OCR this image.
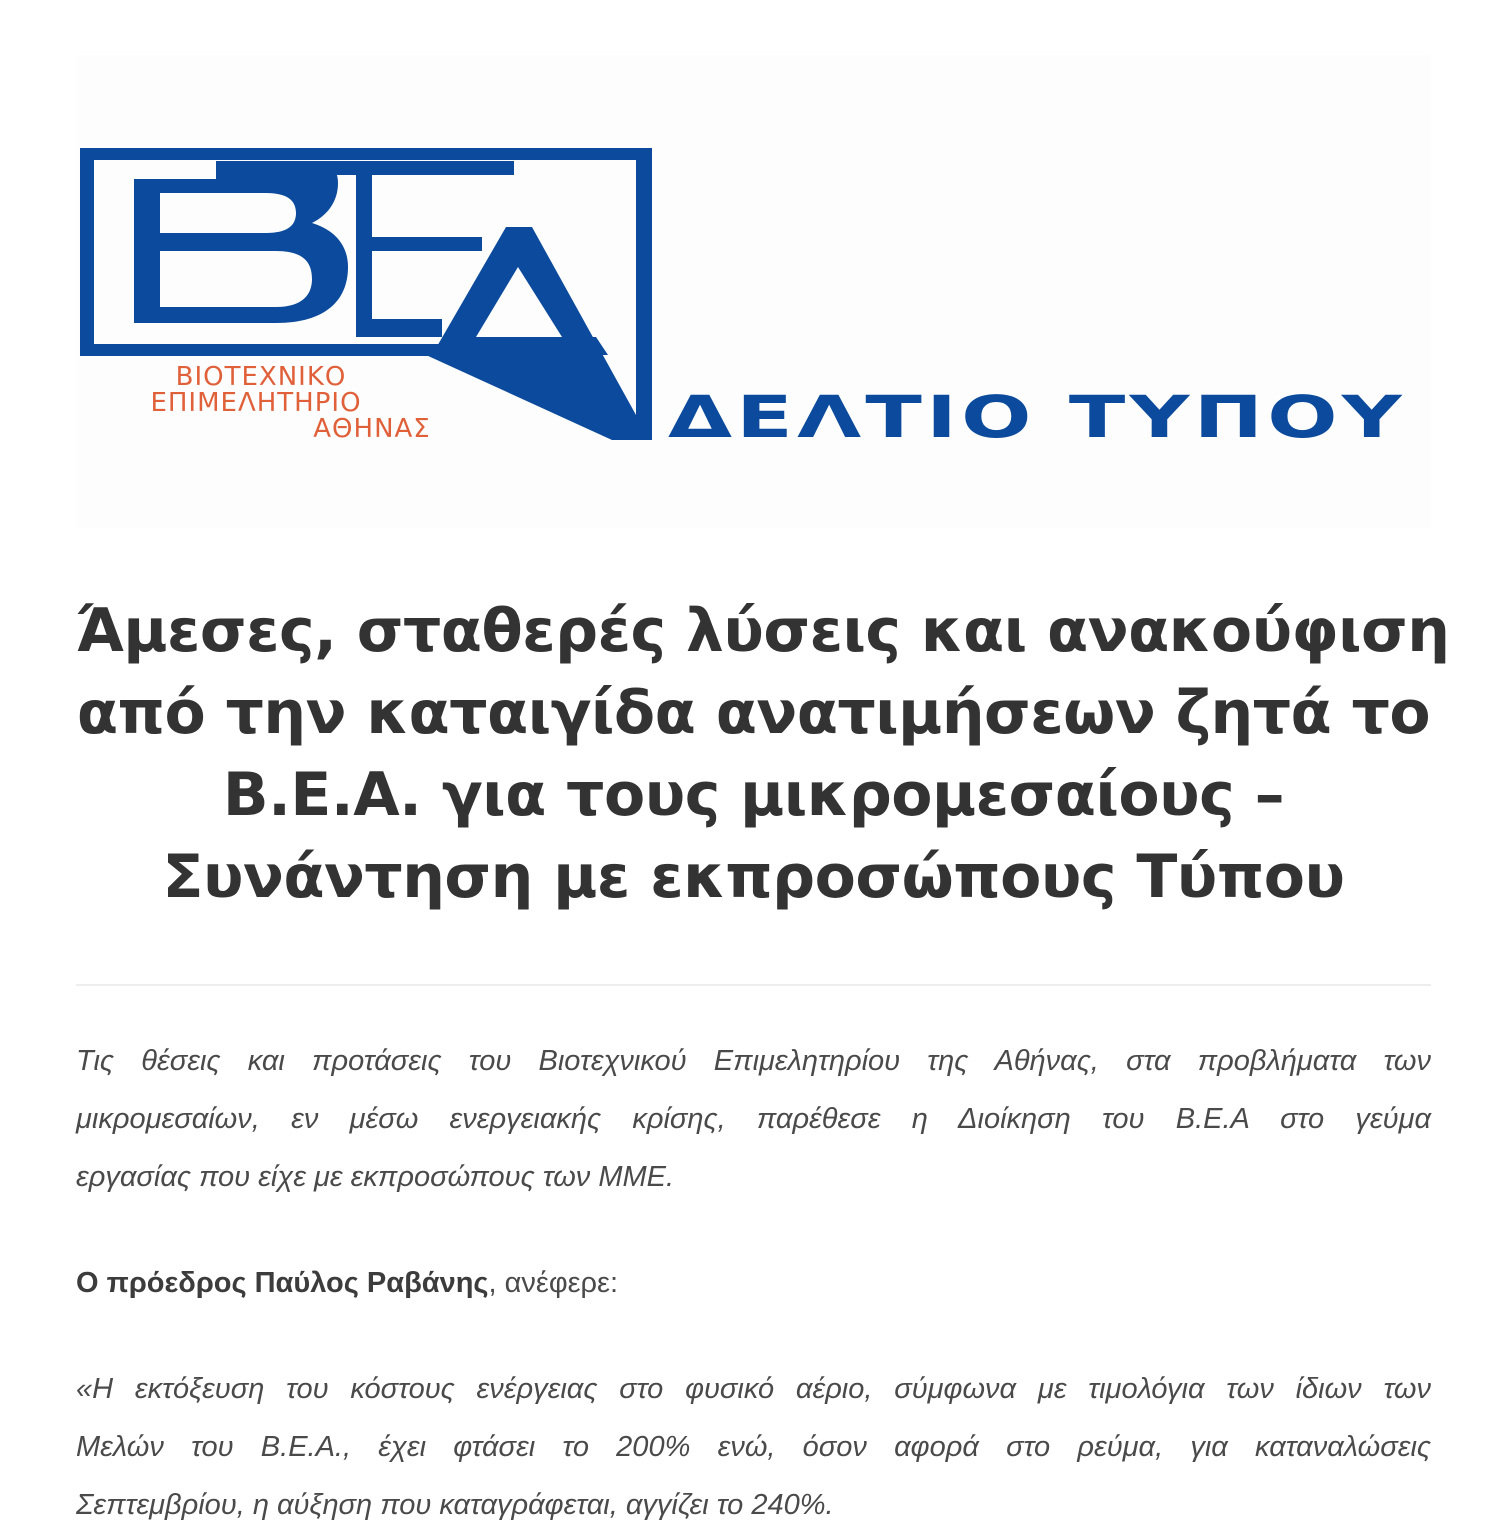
ΒΙΟΤΕΧΝΙΚΟ
ΕΠΙΜΕΛΗΤΗΡΙΟ
ΑΘΗΝΑΣ	ΔΕΛΤΙΟ ΤΥΠΟΥ
Άμεσες, σταθερές λύσεις και ανακούφιση
από την καταιγίδα ανατιμήσεων ζητά το
Β.Ε.Α. για τους μικρομεσαίους –
Συνάντηση με εκπροσώπους Τύπου

Τις θέσεις και προτάσεις του Βιοτεχνικού Επιμελητηρίου της Αθήνας, στα προβλήματα των
μικρομεσαίων, εν μέσω ενεργειακής κρίσης, παρέθεσε η Διοίκηση του Β.Ε.Α στο γεύμα
εργασίας που είχε με εκπροσώπους των ΜΜΕ.

Ο πρόεδρος Παύλος Ραβάνης, ανέφερε:

«Η εκτόξευση του κόστους ενέργειας στο φυσικό αέριο, σύμφωνα με τιμολόγια των ίδιων των
Μελών του Β.Ε.Α., έχει φτάσει το 200% ενώ, όσον αφορά στο ρεύμα, για καταναλώσεις
Σεπτεμβρίου, η αύξηση που καταγράφεται, αγγίζει το 240%.
